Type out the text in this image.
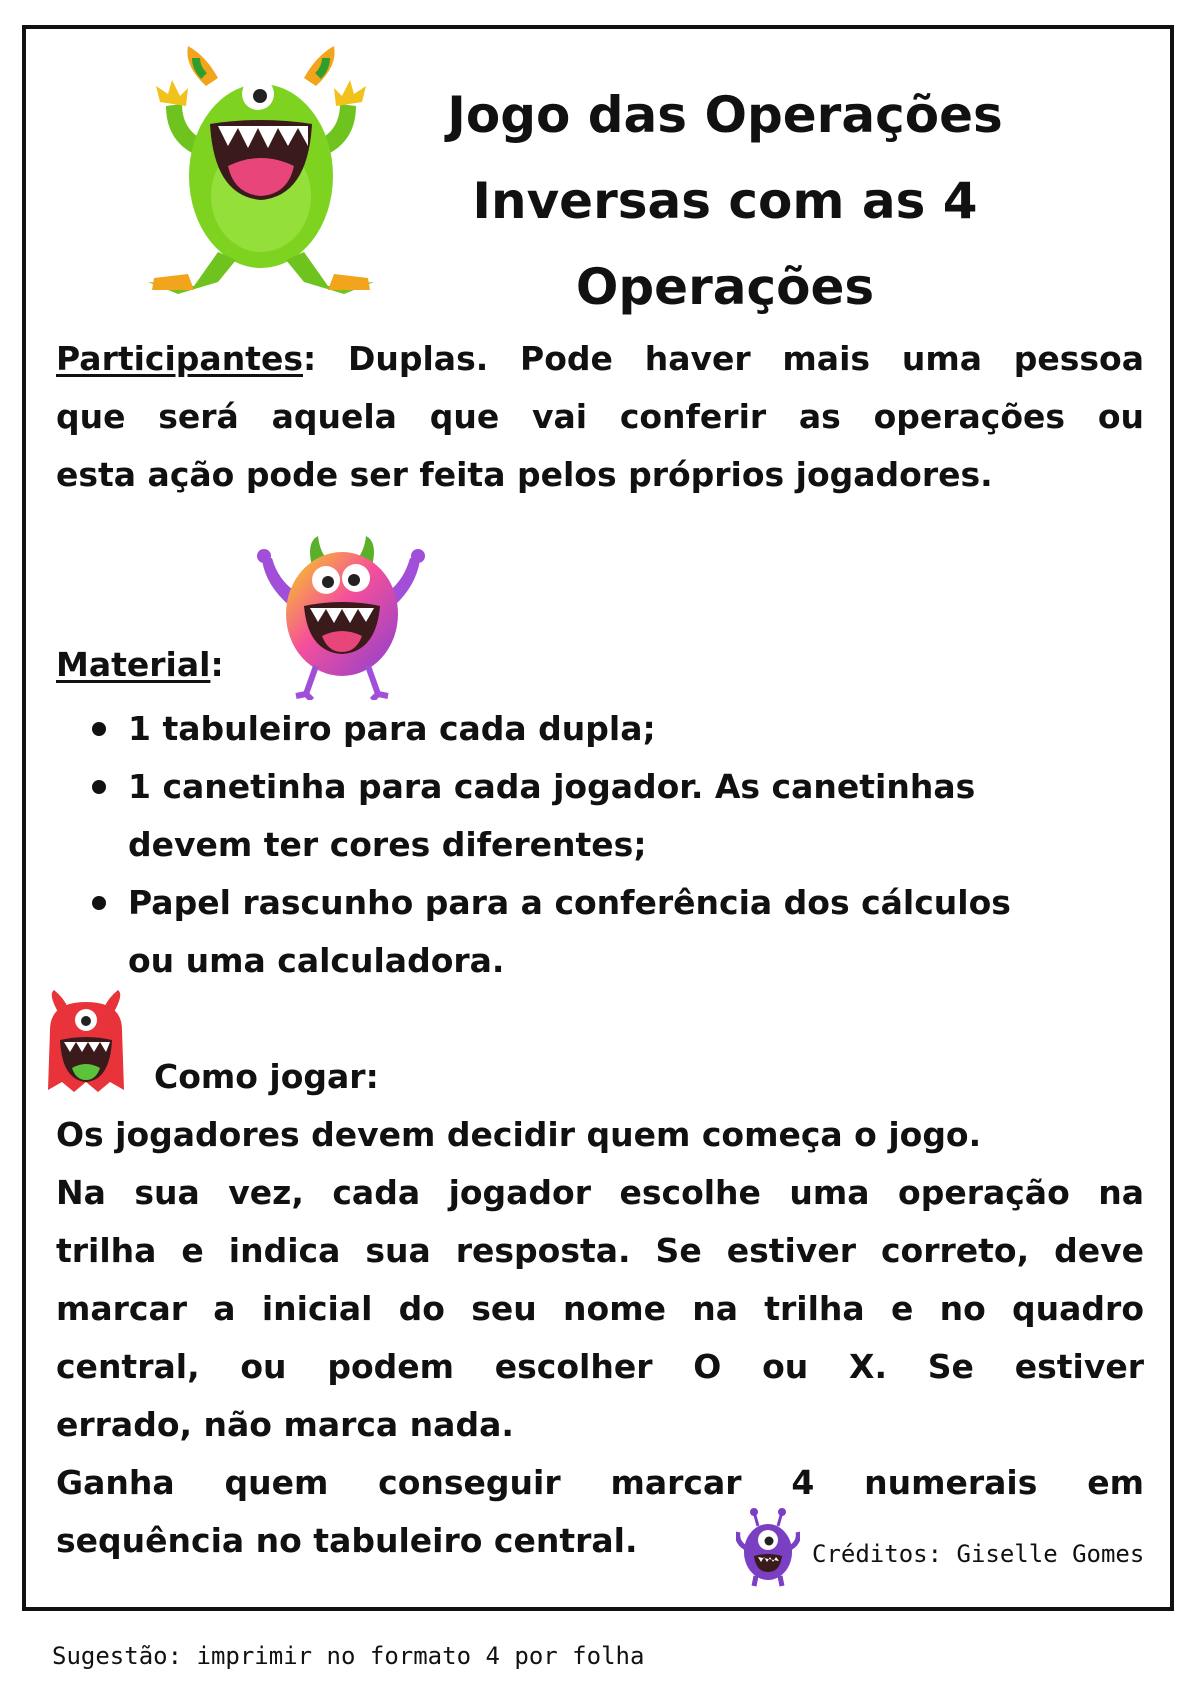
Jogo das Operações
Inversas com as 4
Operações
Participantes: Duplas. Pode haver mais uma pessoa
que será aquela que vai conferir as operações ou
esta ação pode ser feita pelos próprios jogadores.
Material:
1 tabuleiro para cada dupla;
1 canetinha para cada jogador. As canetinhas
devem ter cores diferentes;
Papel rascunho para a conferência dos cálculos
ou uma calculadora.
Como jogar:
Os jogadores devem decidir quem começa o jogo.
Na sua vez, cada jogador escolhe uma operação na
trilha e indica sua resposta. Se estiver correto, deve
marcar a inicial do seu nome na trilha e no quadro
central, ou podem escolher O ou X. Se estiver
errado, não marca nada.
Ganha quem conseguir marcar 4 numerais em
sequência no tabuleiro central.	Créditos: Giselle Gomes
Sugestão: imprimir no formato 4 por folha
